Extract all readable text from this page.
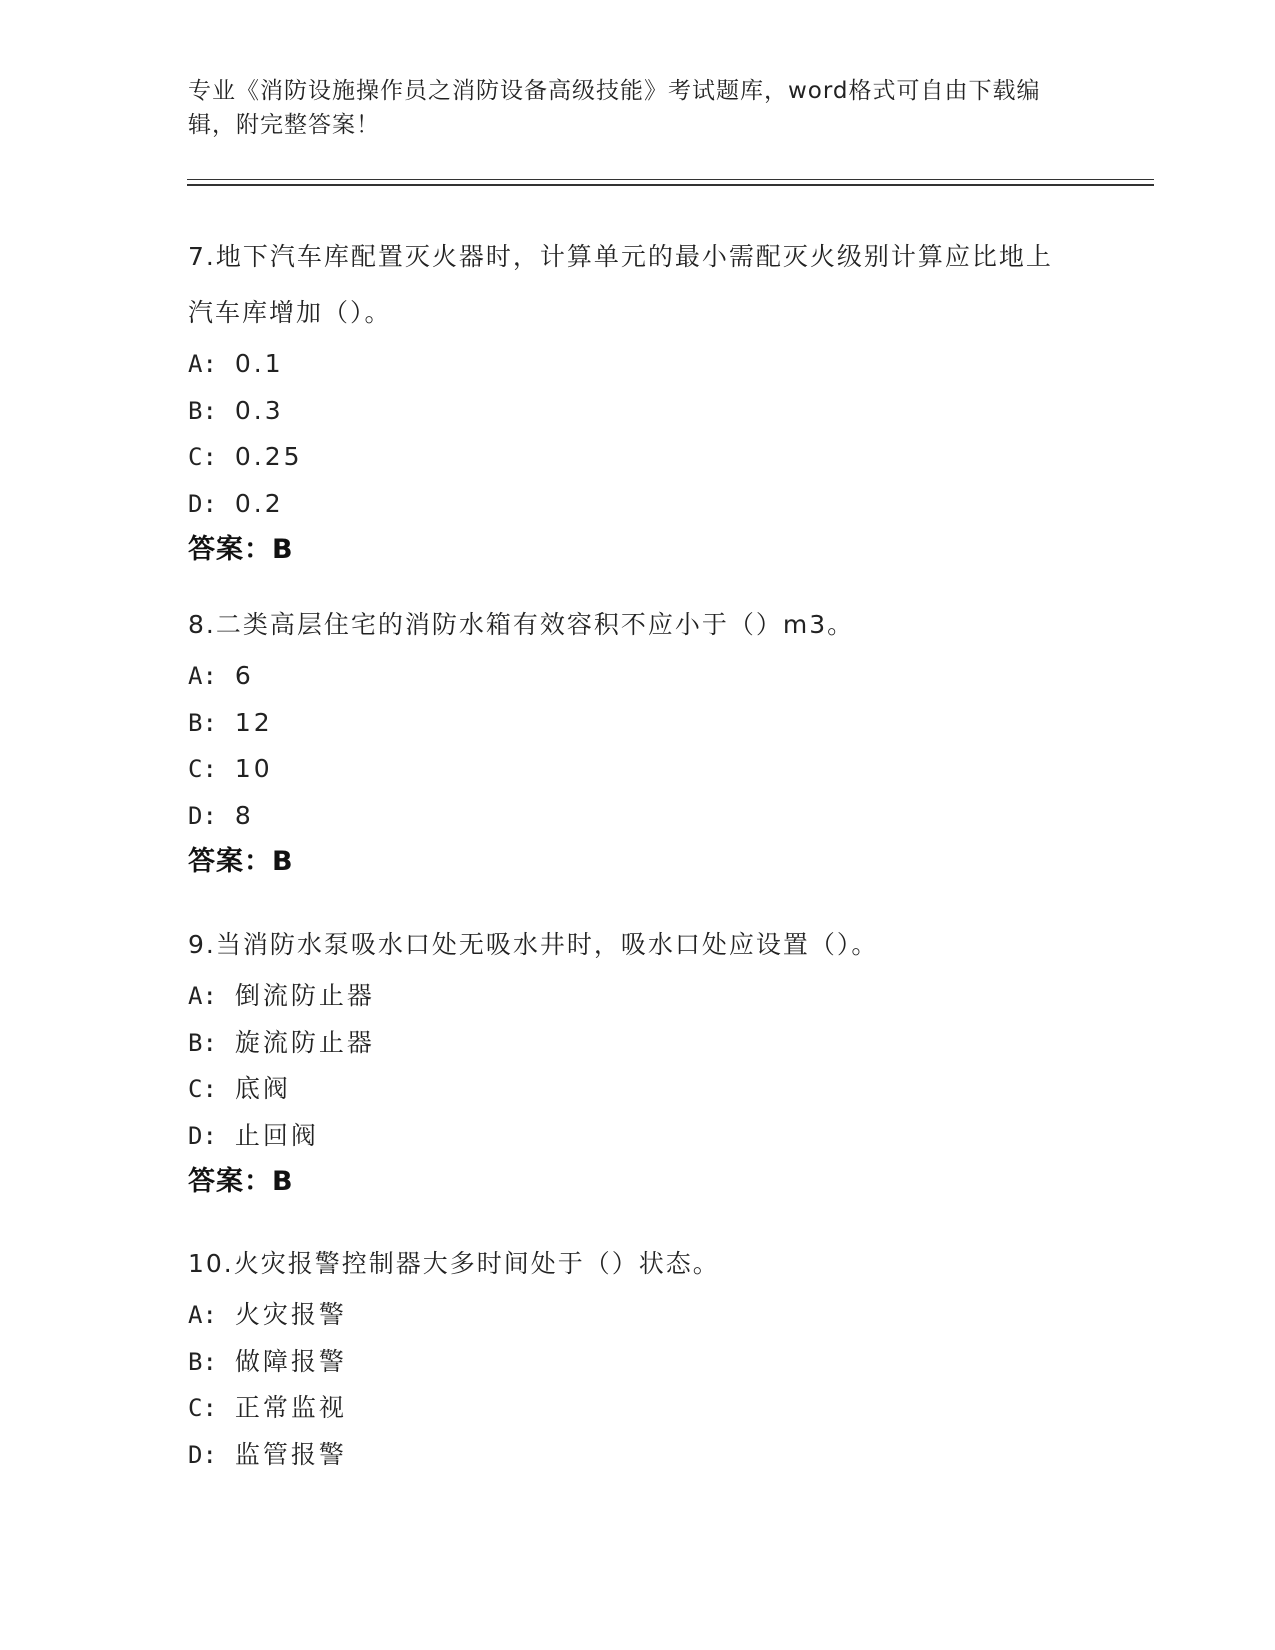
专业《消防设施操作员之消防设备高级技能》考试题库，word格式可自由下载编辑，附完整答案！

7.地下汽车库配置灭火器时，计算单元的最小需配灭火级别计算应比地上汽车库增加（）。

A: 0.1

B: 0.3

C: 0.25

D: 0.2

答案：B

8.二类高层住宅的消防水箱有效容积不应小于（）m3。

A: 6

B: 12

C: 10

D: 8

答案：B

9.当消防水泵吸水口处无吸水井时，吸水口处应设置（）。

A: 倒流防止器

B: 旋流防止器

C: 底阀

D: 止回阀

答案：B

10.火灾报警控制器大多时间处于（）状态。

A: 火灾报警

B: 做障报警

C: 正常监视

D: 监管报警
